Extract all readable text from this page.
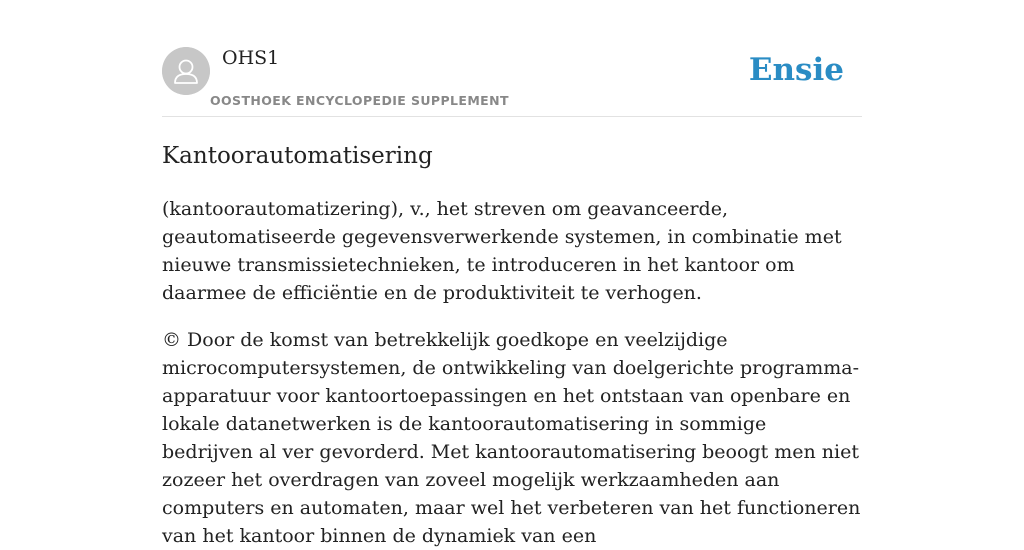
OHS1
OOSTHOEK ENCYCLOPEDIE SUPPLEMENT
Ensie
Kantoorautomatisering

(kantoorautomatizering), v., het streven om geavanceerde, geautomatiseerde gegevensverwerkende systemen, in combinatie met nieuwe transmissietechnieken, te introduceren in het kantoor om daarmee de efficiëntie en de produktiviteit te verhogen.

© Door de komst van betrekkelijk goedkope en veelzijdige microcomputersystemen, de ontwikkeling van doelgerichte programma-apparatuur voor kantoortoepassingen en het ontstaan van openbare en lokale datanetwerken is de kantoorautomatisering in sommige bedrijven al ver gevorderd. Met kantoorautomatisering beoogt men niet zozeer het overdragen van zoveel mogelijk werkzaamheden aan computers en automaten, maar wel het verbeteren van het functioneren van het kantoor binnen de dynamiek van een
